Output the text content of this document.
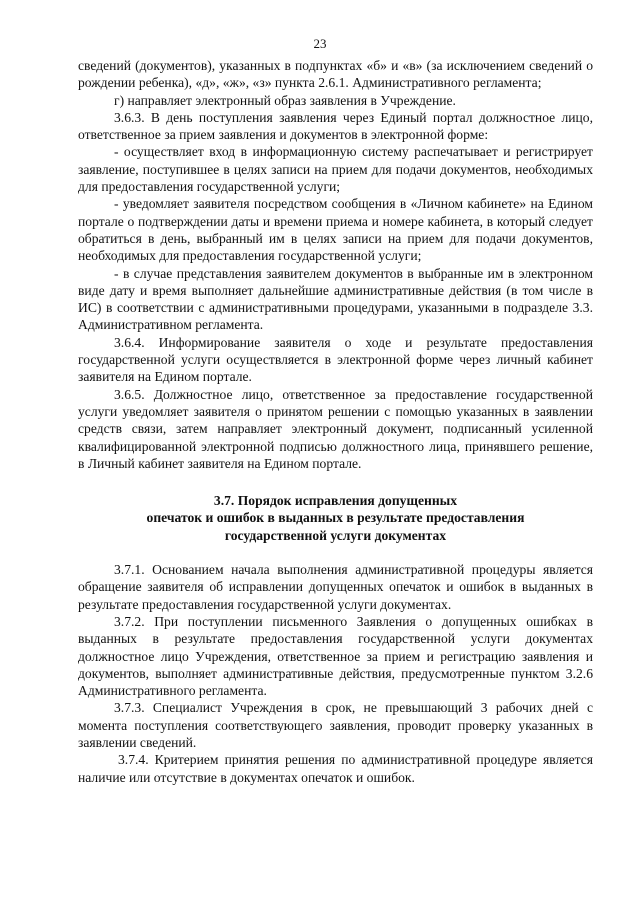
23

сведений (документов), указанных в подпунктах «б» и «в» (за исключением сведений о рождении ребенка), «д», «ж», «з» пункта 2.6.1. Административного регламента;

г) направляет электронный образ заявления в Учреждение.

3.6.3. В день поступления заявления через Единый портал должностное лицо, ответственное за прием заявления и документов в электронной форме:

- осуществляет вход в информационную систему распечатывает и регистрирует заявление, поступившее в целях записи на прием для подачи документов, необходимых для предоставления государственной услуги;

- уведомляет заявителя посредством сообщения в «Личном кабинете» на Едином портале о подтверждении даты и времени приема и номере кабинета, в который следует обратиться в день, выбранный им в целях записи на прием для подачи документов, необходимых для предоставления государственной услуги;

- в случае представления заявителем документов в выбранные им в электронном виде дату и время выполняет дальнейшие административные действия (в том числе в ИС) в соответствии с административными процедурами, указанными в подразделе 3.3. Административном регламента.

3.6.4. Информирование заявителя о ходе и результате предоставления государственной услуги осуществляется в электронной форме через личный кабинет заявителя на Едином портале.

3.6.5. Должностное лицо, ответственное за предоставление государственной услуги уведомляет заявителя о принятом решении с помощью указанных в заявлении средств связи, затем направляет электронный документ, подписанный усиленной квалифицированной электронной подписью должностного лица, принявшего решение, в Личный кабинет заявителя на Едином портале.

3.7. Порядок исправления допущенных
опечаток и ошибок в выданных в результате предоставления
государственной услуги документах

3.7.1. Основанием начала выполнения административной процедуры является обращение заявителя об исправлении допущенных опечаток и ошибок в выданных в результате предоставления государственной услуги документах.

3.7.2. При поступлении письменного Заявления о допущенных ошибках в выданных в результате предоставления государственной услуги документах должностное лицо Учреждения, ответственное за прием и регистрацию заявления и документов, выполняет административные действия, предусмотренные пунктом 3.2.6 Административного регламента.

3.7.3. Специалист Учреждения в срок, не превышающий 3 рабочих дней с момента поступления соответствующего заявления, проводит проверку указанных в заявлении сведений.

3.7.4. Критерием принятия решения по административной процедуре является наличие или отсутствие в документах опечаток и ошибок.
